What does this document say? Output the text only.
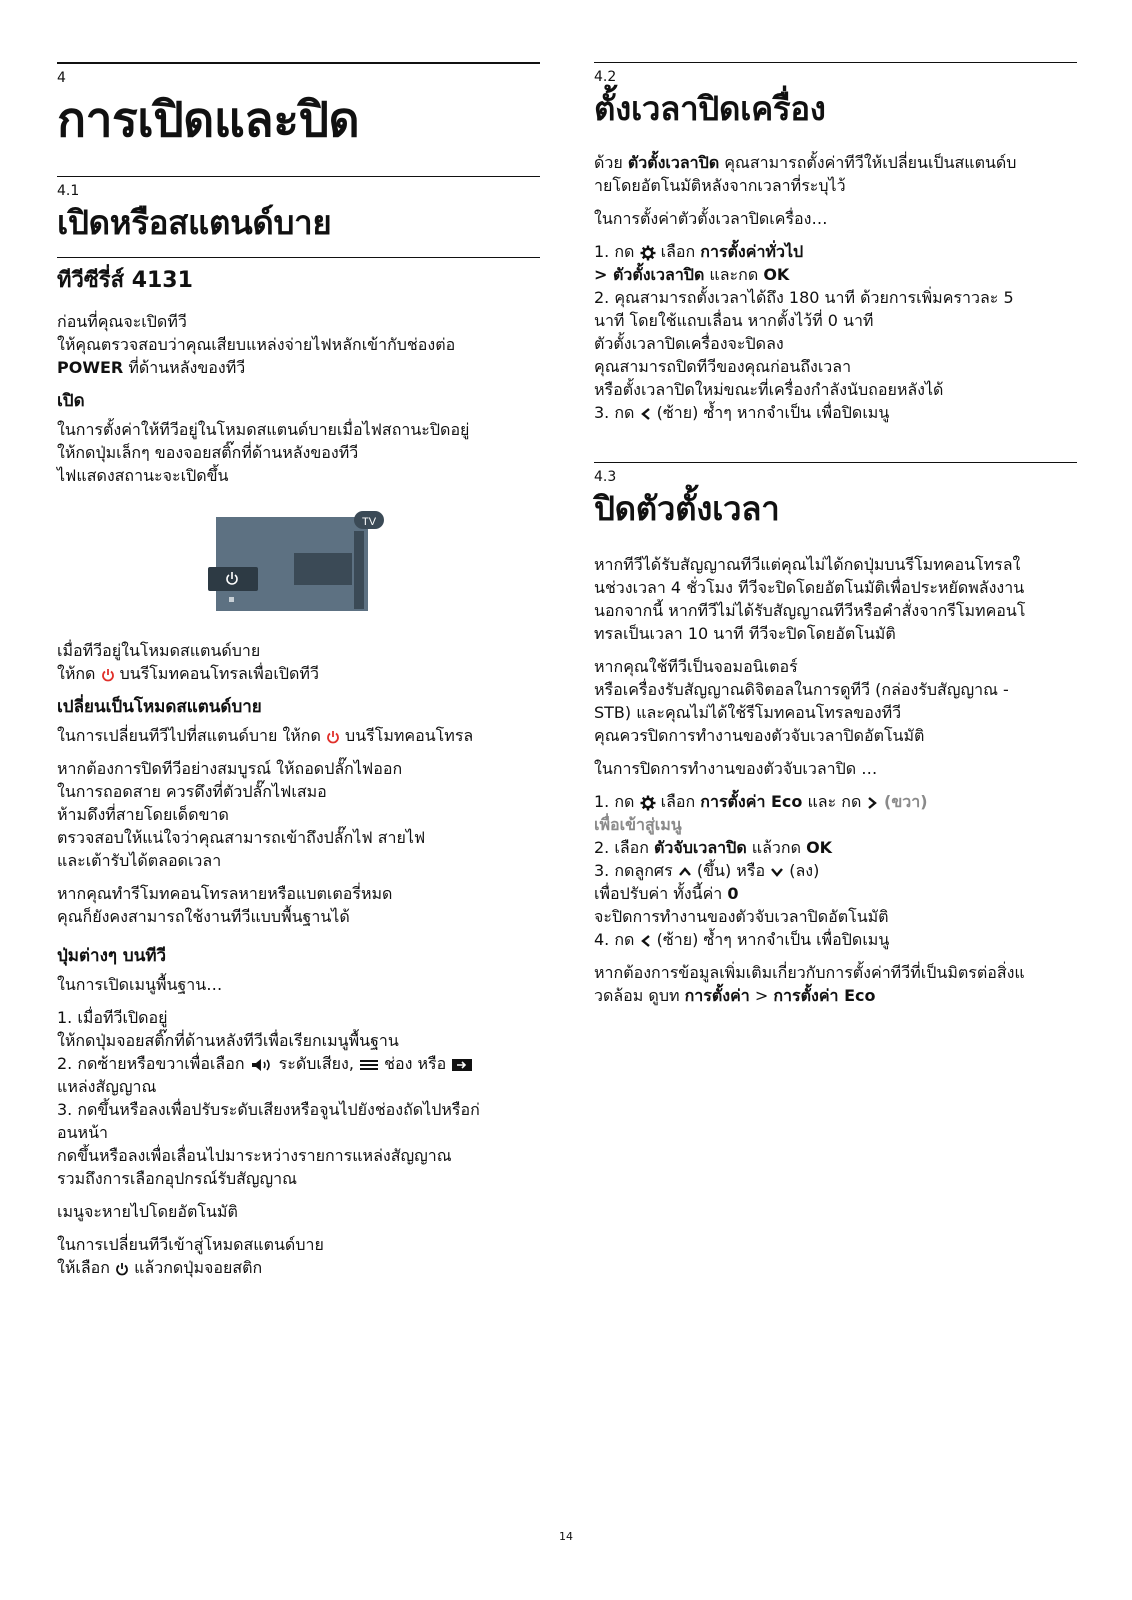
4
การเปิดและปิด
4.1
เปิดหรือสแตนด์บาย
ทีวีซีรี่ส์ 4131

ก่อนที่คุณจะเปิดทีวี

ให้คุณตรวจสอบว่าคุณเสียบแหล่งจ่ายไฟหลักเข้ากับช่องต่อ

POWER ที่ด้านหลังของทีวี

เปิด

ในการตั้งค่าให้ทีวีอยู่ในโหมดสแตนด์บายเมื่อไฟสถานะปิดอยู่

ให้กดปุ่มเล็กๆ ของจอยสติ๊กที่ด้านหลังของทีวี

ไฟแสดงสถานะจะเปิดขึ้น

TV

เมื่อทีวีอยู่ในโหมดสแตนด์บาย

ให้กด  บนรีโมทคอนโทรลเพื่อเปิดทีวี

เปลี่ยนเป็นโหมดสแตนด์บาย

ในการเปลี่ยนทีวีไปที่สแตนด์บาย ให้กด  บนรีโมทคอนโทรล

หากต้องการปิดทีวีอย่างสมบูรณ์ ให้ถอดปลั๊กไฟออก

ในการถอดสาย ควรดึงที่ตัวปลั๊กไฟเสมอ

ห้ามดึงที่สายโดยเด็ดขาด

ตรวจสอบให้แน่ใจว่าคุณสามารถเข้าถึงปลั๊กไฟ สายไฟ

และเต้ารับได้ตลอดเวลา

หากคุณทำรีโมทคอนโทรลหายหรือแบตเตอรี่หมด

คุณก็ยังคงสามารถใช้งานทีวีแบบพื้นฐานได้

ปุ่มต่างๆ บนทีวี

ในการเปิดเมนูพื้นฐาน…

1. เมื่อทีวีเปิดอยู่

ให้กดปุ่มจอยสติ๊กที่ด้านหลังทีวีเพื่อเรียกเมนูพื้นฐาน

2. กดซ้ายหรือขวาเพื่อเลือก  ระดับเสียง,  ช่อง หรือ

แหล่งสัญญาณ

3. กดขึ้นหรือลงเพื่อปรับระดับเสียงหรือจูนไปยังช่องถัดไปหรือก่

อนหน้า

กดขึ้นหรือลงเพื่อเลื่อนไปมาระหว่างรายการแหล่งสัญญาณ

รวมถึงการเลือกอุปกรณ์รับสัญญาณ

เมนูจะหายไปโดยอัตโนมัติ

ในการเปลี่ยนทีวีเข้าสู่โหมดสแตนด์บาย

ให้เลือก  แล้วกดปุ่มจอยสติก

4.2
ตั้งเวลาปิดเครื่อง

ด้วย ตัวตั้งเวลาปิด คุณสามารถตั้งค่าทีวีให้เปลี่ยนเป็นสแตนด์บ

ายโดยอัตโนมัติหลังจากเวลาที่ระบุไว้

ในการตั้งค่าตัวตั้งเวลาปิดเครื่อง…

1. กด  เลือก การตั้งค่าทั่วไป

> ตัวตั้งเวลาปิด และกด OK

2. คุณสามารถตั้งเวลาได้ถึง 180 นาที ด้วยการเพิ่มคราวละ 5

นาที โดยใช้แถบเลื่อน หากตั้งไว้ที่ 0 นาที

ตัวตั้งเวลาปิดเครื่องจะปิดลง

คุณสามารถปิดทีวีของคุณก่อนถึงเวลา

หรือตั้งเวลาปิดใหม่ขณะที่เครื่องกำลังนับถอยหลังได้

3. กด  (ซ้าย) ซ้ำๆ หากจำเป็น เพื่อปิดเมนู

4.3
ปิดตัวตั้งเวลา

หากทีวีได้รับสัญญาณทีวีแต่คุณไม่ได้กดปุ่มบนรีโมทคอนโทรลใ

นช่วงเวลา 4 ชั่วโมง ทีวีจะปิดโดยอัตโนมัติเพื่อประหยัดพลังงาน

นอกจากนี้ หากทีวีไม่ได้รับสัญญาณทีวีหรือคำสั่งจากรีโมทคอนโ

ทรลเป็นเวลา 10 นาที ทีวีจะปิดโดยอัตโนมัติ

หากคุณใช้ทีวีเป็นจอมอนิเตอร์

หรือเครื่องรับสัญญาณดิจิตอลในการดูทีวี (กล่องรับสัญญาณ -

STB) และคุณไม่ได้ใช้รีโมทคอนโทรลของทีวี

คุณควรปิดการทำงานของตัวจับเวลาปิดอัตโนมัติ

ในการปิดการทำงานของตัวจับเวลาปิด …

1. กด  เลือก การตั้งค่า Eco และ กด  (ขวา)

เพื่อเข้าสู่เมนู

2. เลือก ตัวจับเวลาปิด แล้วกด OK

3. กดลูกศร  (ขึ้น) หรือ  (ลง)

เพื่อปรับค่า ทั้งนี้ค่า 0

จะปิดการทำงานของตัวจับเวลาปิดอัตโนมัติ

4. กด  (ซ้าย) ซ้ำๆ หากจำเป็น เพื่อปิดเมนู

หากต้องการข้อมูลเพิ่มเติมเกี่ยวกับการตั้งค่าทีวีที่เป็นมิตรต่อสิ่งแ

วดล้อม ดูบท การตั้งค่า > การตั้งค่า Eco

14
